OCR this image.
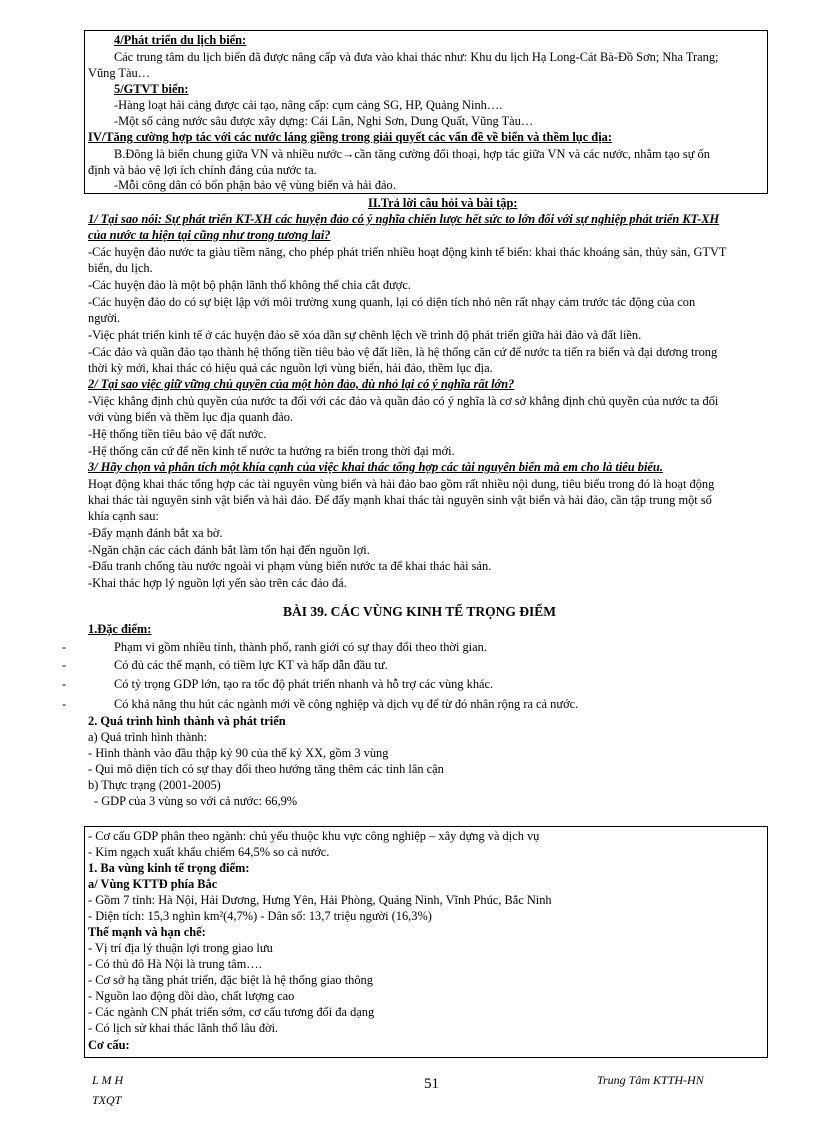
4/Phát triển du lịch biển:
Các trung tâm du lịch biển đã được nâng cấp và đưa vào khai thác như: Khu du lịch Hạ Long-Cát Bà-Đồ Sơn; Nha Trang;
Vũng Tàu…
5/GTVT biển:
-Hàng loạt hải cảng được cải tạo, nâng cấp: cụm cảng SG, HP, Quảng Ninh….
-Một số cảng nước sâu được xây dựng: Cái Lân, Nghi Sơn, Dung Quất, Vũng Tàu…
IV/Tăng cường hợp tác với các nước láng giềng trong giải quyết các vấn đề về biển và thềm lục địa:
B.Đông là biển chung giữa VN và nhiều nước→cần tăng cường đối thoại, hợp tác giữa VN và các nước, nhằm tạo sự ổn
định và bảo vệ lợi ích chính đáng của nước ta.
-Mỗi công dân có bổn phận bảo vệ vùng biển và hải đảo.
II.Trả lời câu hỏi và bài tập:
1/ Tại sao nói: Sự phát triển KT-XH các huyện đảo có ý nghĩa chiến lược hết sức to lớn đối với sự nghiệp phát triển KT-XH
của nước ta hiện tại cũng như trong tương lai?
-Các huyện đảo nước ta giàu tiềm năng, cho phép phát triển nhiều hoạt động kinh tế biển: khai thác khoáng sản, thủy sản, GTVT
biển, du lịch.
-Các huyện đảo là một bộ phận lãnh thổ không thể chia cắt được.
-Các huyện đảo do có sự biệt lập với môi trường xung quanh, lại có diện tích nhỏ nên rất nhạy cảm trước tác động của con
người.
-Việc phát triển kinh tế ở các huyện đảo sẽ xóa dần sự chênh lệch về trình độ phát triển giữa hải đảo và đất liền.
-Các đảo và quần đảo tạo thành hệ thống tiền tiêu bảo vệ đất liền, là hệ thống căn cứ để nước ta tiến ra biển và đại dương trong
thời kỳ mới, khai thác có hiệu quả các nguồn lợi vùng biển, hải đảo, thềm lục địa.
2/ Tại sao việc giữ vững chủ quyền của một hòn đảo, dù nhỏ lại có ý nghĩa rất lớn?
-Việc khẳng định chủ quyền của nước ta đối với các đảo và quần đảo có ý nghĩa là cơ sở khẳng định chủ quyền của nước ta đối
với vùng biển và thềm lục địa quanh đảo.
-Hệ thống tiền tiêu bảo vệ đất nước.
-Hệ thống căn cứ để nền kinh tế nước ta hướng ra biển trong thời đại mới.
3/ Hãy chọn và phân tích một khía cạnh của việc khai thác tổng hợp các tài nguyên biển mà em cho là tiêu biểu.
Hoạt động khai thác tổng hợp các tài nguyên vùng biển và hải đảo bao gồm rất nhiều nội dung, tiêu biểu trong đó là hoạt động
khai thác tài nguyên sinh vật biển và hải đảo. Để đẩy mạnh khai thác tài nguyên sinh vật biển và hải đảo, cần tập trung một số
khía cạnh sau:
-Đẩy mạnh đánh bắt xa bờ.
-Ngăn chặn các cách đánh bắt làm tổn hại đến nguồn lợi.
-Đấu tranh chống tàu nước ngoài vi phạm vùng biển nước ta để khai thác hải sản.
-Khai thác hợp lý nguồn lợi yến sào trên các đảo đá.
BÀI 39. CÁC VÙNG KINH TẾ TRỌNG ĐIỂM
1.Đặc điểm:
-	Phạm vi gồm nhiều tỉnh, thành phố, ranh giới có sự thay đổi theo thời gian.
-	Có đủ các thế mạnh, có tiềm lực KT và hấp dẫn đầu tư.
-	Có tỷ trọng GDP lớn, tạo ra tốc độ phát triển nhanh và hỗ trợ các vùng khác.
-	Có khả năng thu hút các ngành mới về công nghiệp và dịch vụ để từ đó nhân rộng ra cả nước.
2. Quá trình hình thành và phát triển
a) Quá trình hình thành:
- Hình thành vào đầu thập kỷ 90 của thế kỷ XX, gồm 3 vùng
- Qui mô diện tích có sự thay đổi theo hướng tăng thêm các tỉnh lân cận
b) Thực trạng (2001-2005)
- GDP của 3 vùng so với cả nước: 66,9%
- Cơ cấu GDP phân theo ngành: chủ yếu thuộc khu vực công nghiệp – xây dựng và dịch vụ
- Kim ngạch xuất khẩu chiếm 64,5% so cả nước.
1. Ba vùng kinh tế trọng điểm:
a/ Vùng KTTĐ phía Bắc
- Gồm 7 tỉnh: Hà Nội, Hải Dương, Hưng Yên, Hải Phòng, Quảng Ninh, Vĩnh Phúc, Bắc Ninh
- Diện tích: 15,3 nghìn km²(4,7%) - Dân số: 13,7 triệu người (16,3%)
Thế mạnh và hạn chế:
- Vị trí địa lý thuận lợi trong giao lưu
- Có thủ đô Hà Nội là trung tâm….
- Cơ sở hạ tầng phát triển, đặc biệt là hệ thống giao thông
- Nguồn lao động dồi dào, chất lượng cao
- Các ngành CN phát triển sớm, cơ cấu tương đối đa dạng
- Có lịch sử khai thác lãnh thổ lâu đời.
Cơ cấu:
L M H
TXQT
51	Trung Tâm KTTH-HN
